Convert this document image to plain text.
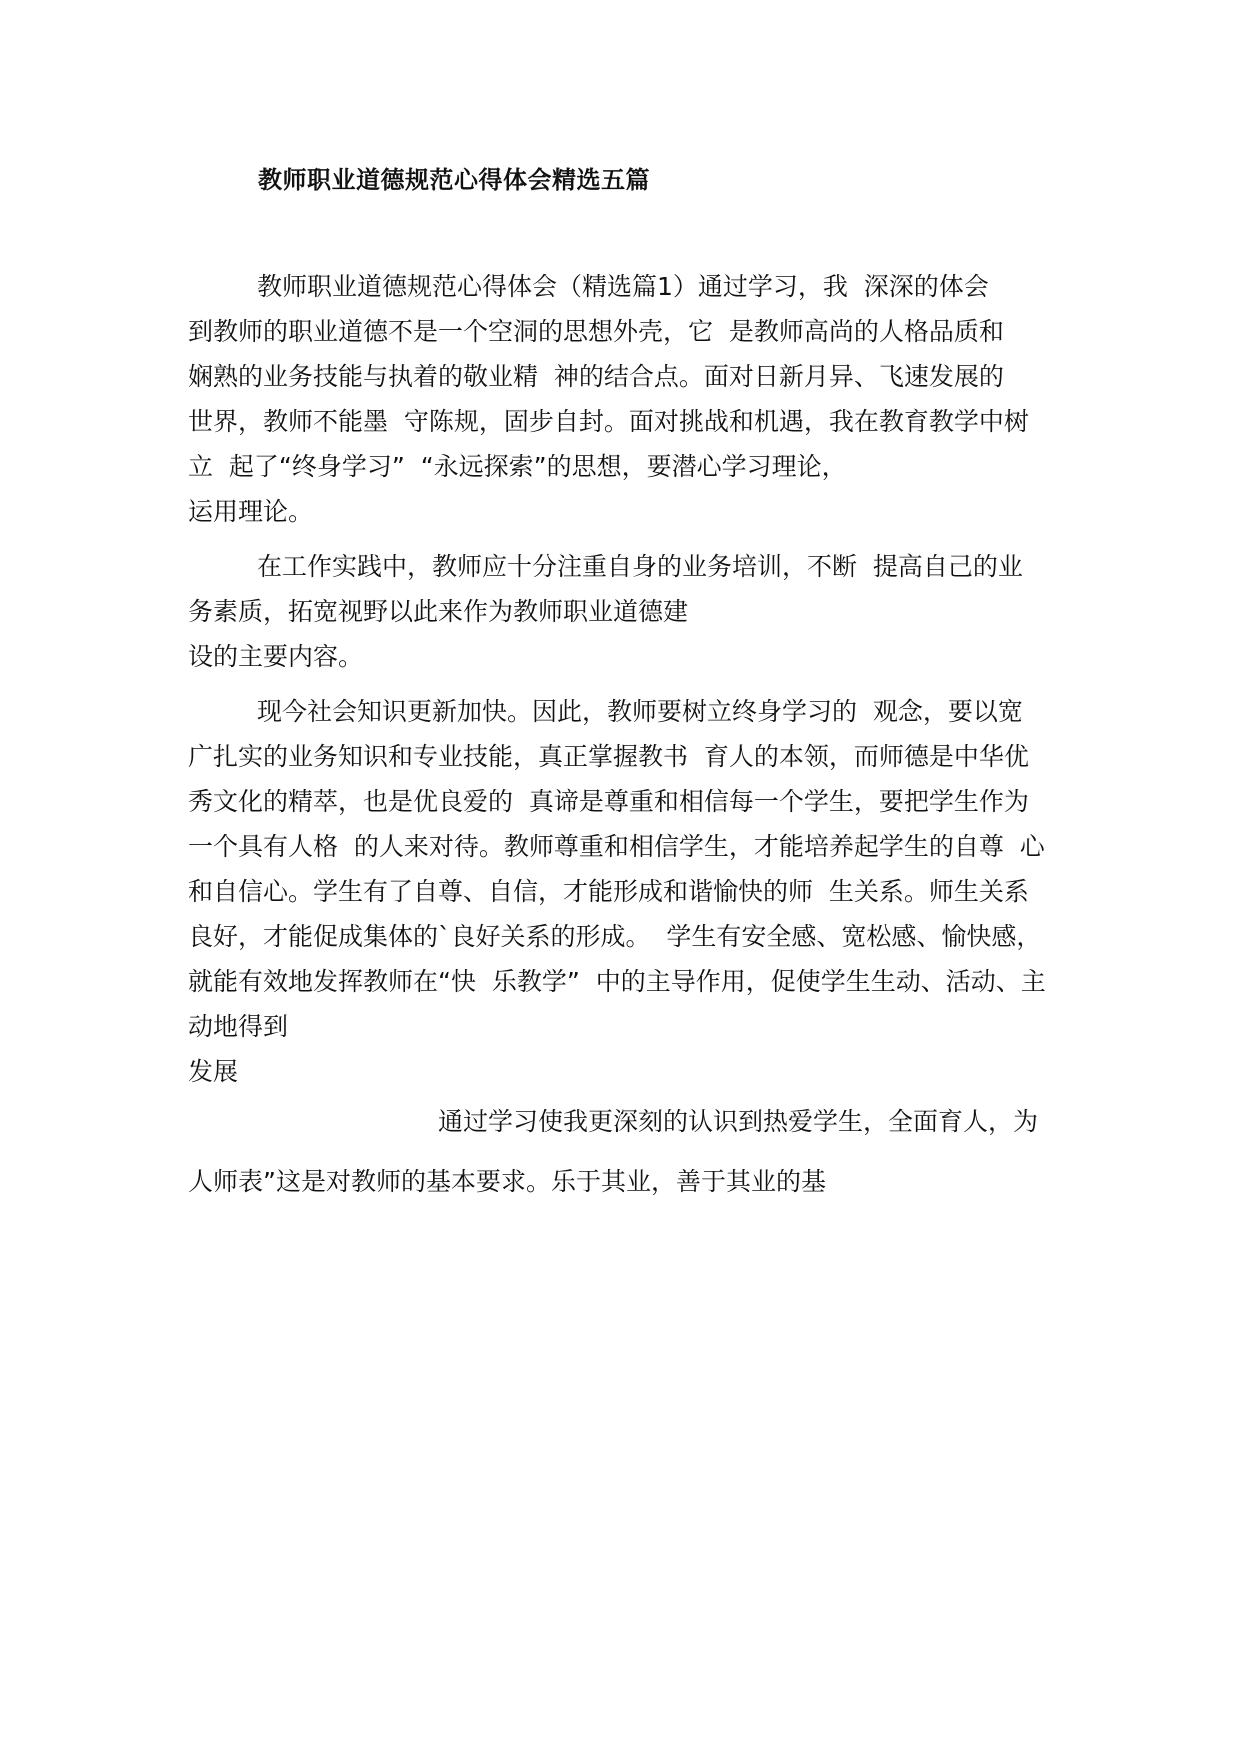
教师职业道德规范心得体会精选五篇
教师职业道德规范心得体会（精选篇1）通过学习，我  深深的体会
到教师的职业道德不是一个空洞的思想外壳，它  是教师高尚的人格品质和
娴熟的业务技能与执着的敬业精  神的结合点。面对日新月异、飞速发展的
世界，教师不能墨  守陈规，固步自封。面对挑战和机遇，我在教育教学中树
立  起了“终身学习”  “永远探索”的思想，要潜心学习理论，
运用理论。
在工作实践中，教师应十分注重自身的业务培训，不断  提高自己的业
务素质，拓宽视野以此来作为教师职业道德建
设的主要内容。
现今社会知识更新加快。因此，教师要树立终身学习的  观念，要以宽
广扎实的业务知识和专业技能，真正掌握教书  育人的本领，而师德是中华优
秀文化的精萃，也是优良爱的  真谛是尊重和相信每一个学生，要把学生作为
一个具有人格  的人来对待。教师尊重和相信学生，才能培养起学生的自尊  心
和自信心。学生有了自尊、自信，才能形成和谐愉快的师  生关系。师生关系
良好，才能促成集体的`良好关系的形成。  学生有安全感、宽松感、愉快感，
就能有效地发挥教师在“快  乐教学”  中的主导作用，促使学生生动、活动、主
动地得到
发展
通过学习使我更深刻的认识到热爱学生，全面育人，为
人师表”这是对教师的基本要求。乐于其业，善于其业的基
